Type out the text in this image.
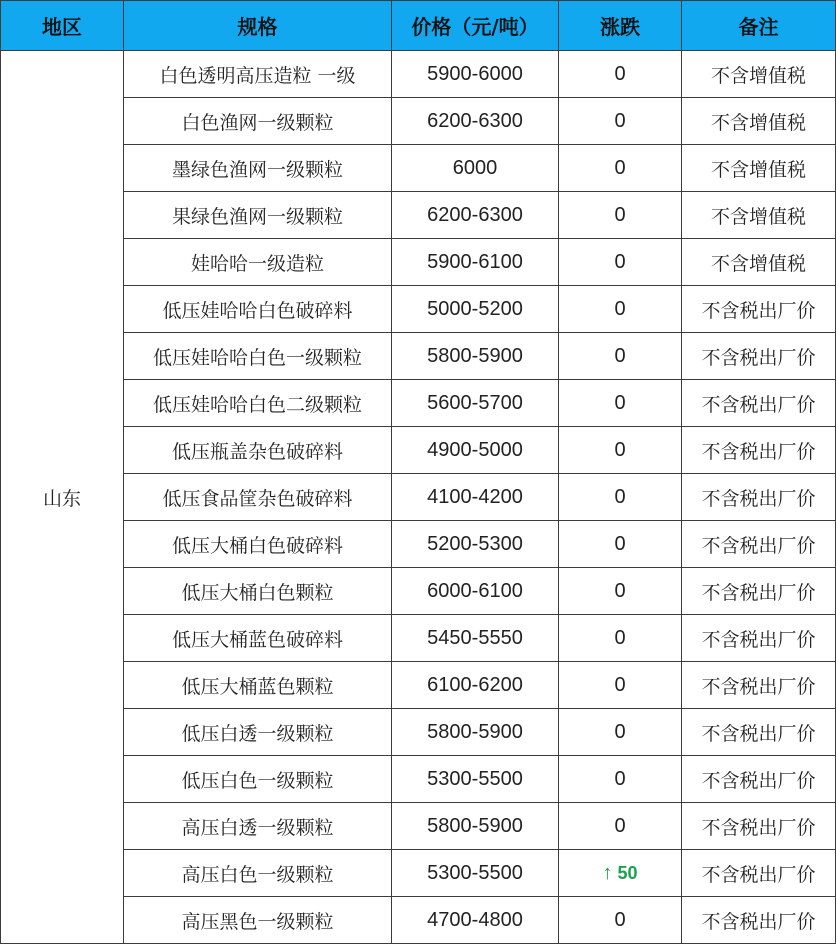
地区	规格	价格（元/吨）	涨跌	备注
山东	白色透明高压造粒 一级	5900-6000	0	不含增值税
	白色渔网一级颗粒	6200-6300	0	不含增值税
	墨绿色渔网一级颗粒	6000	0	不含增值税
	果绿色渔网一级颗粒	6200-6300	0	不含增值税
	娃哈哈一级造粒	5900-6100	0	不含增值税
	低压娃哈哈白色破碎料	5000-5200	0	不含税出厂价
	低压娃哈哈白色一级颗粒	5800-5900	0	不含税出厂价
	低压娃哈哈白色二级颗粒	5600-5700	0	不含税出厂价
	低压瓶盖杂色破碎料	4900-5000	0	不含税出厂价
	低压食品筐杂色破碎料	4100-4200	0	不含税出厂价
	低压大桶白色破碎料	5200-5300	0	不含税出厂价
	低压大桶白色颗粒	6000-6100	0	不含税出厂价
	低压大桶蓝色破碎料	5450-5550	0	不含税出厂价
	低压大桶蓝色颗粒	6100-6200	0	不含税出厂价
	低压白透一级颗粒	5800-5900	0	不含税出厂价
	低压白色一级颗粒	5300-5500	0	不含税出厂价
	高压白透一级颗粒	5800-5900	0	不含税出厂价
	高压白色一级颗粒	5300-5500	↑ 50	不含税出厂价
	高压黑色一级颗粒	4700-4800	0	不含税出厂价
